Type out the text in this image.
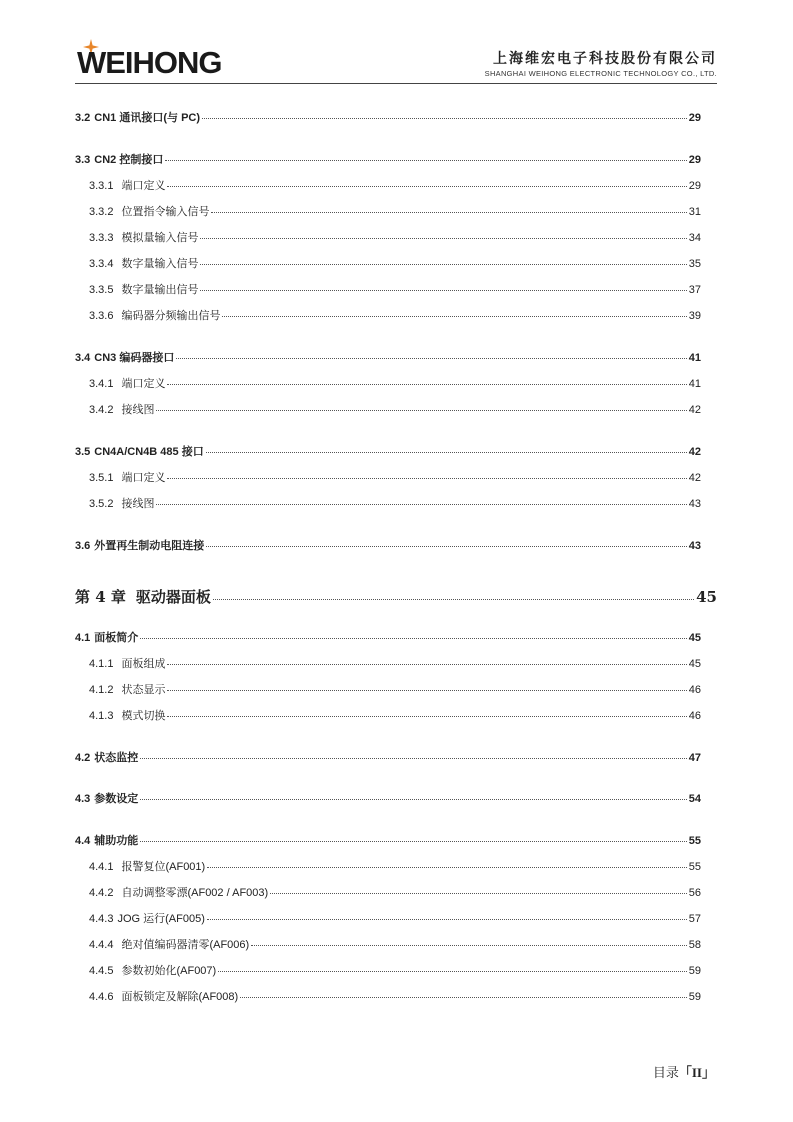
WEIHONG	上海维宏电子科技股份有限公司
SHANGHAI WEIHONG ELECTRONIC TECHNOLOGY CO., LTD.
3.2 CN1 通讯接口(与 PC)	29
3.3 CN2 控制接口	29
3.3.1 端口定义	29
3.3.2 位置指令输入信号	31
3.3.3 模拟量输入信号	34
3.3.4 数字量输入信号	35
3.3.5 数字量输出信号	37
3.3.6 编码器分频输出信号	39
3.4 CN3 编码器接口	41
3.4.1 端口定义	41
3.4.2 接线图	42
3.5 CN4A/CN4B 485 接口	42
3.5.1 端口定义	42
3.5.2 接线图	43
3.6 外置再生制动电阻连接	43
第 4 章 驱动器面板	45
4.1 面板简介	45
4.1.1 面板组成	45
4.1.2 状态显示	46
4.1.3 模式切换	46
4.2 状态监控	47
4.3 参数设定	54
4.4 辅助功能	55
4.4.1 报警复位(AF001)	55
4.4.2 自动调整零漂(AF002 / AF003)	56
4.4.3 JOG 运行(AF005)	57
4.4.4 绝对值编码器清零(AF006)	58
4.4.5 参数初始化(AF007)	59
4.4.6 面板锁定及解除(AF008)	59
目录「II」
